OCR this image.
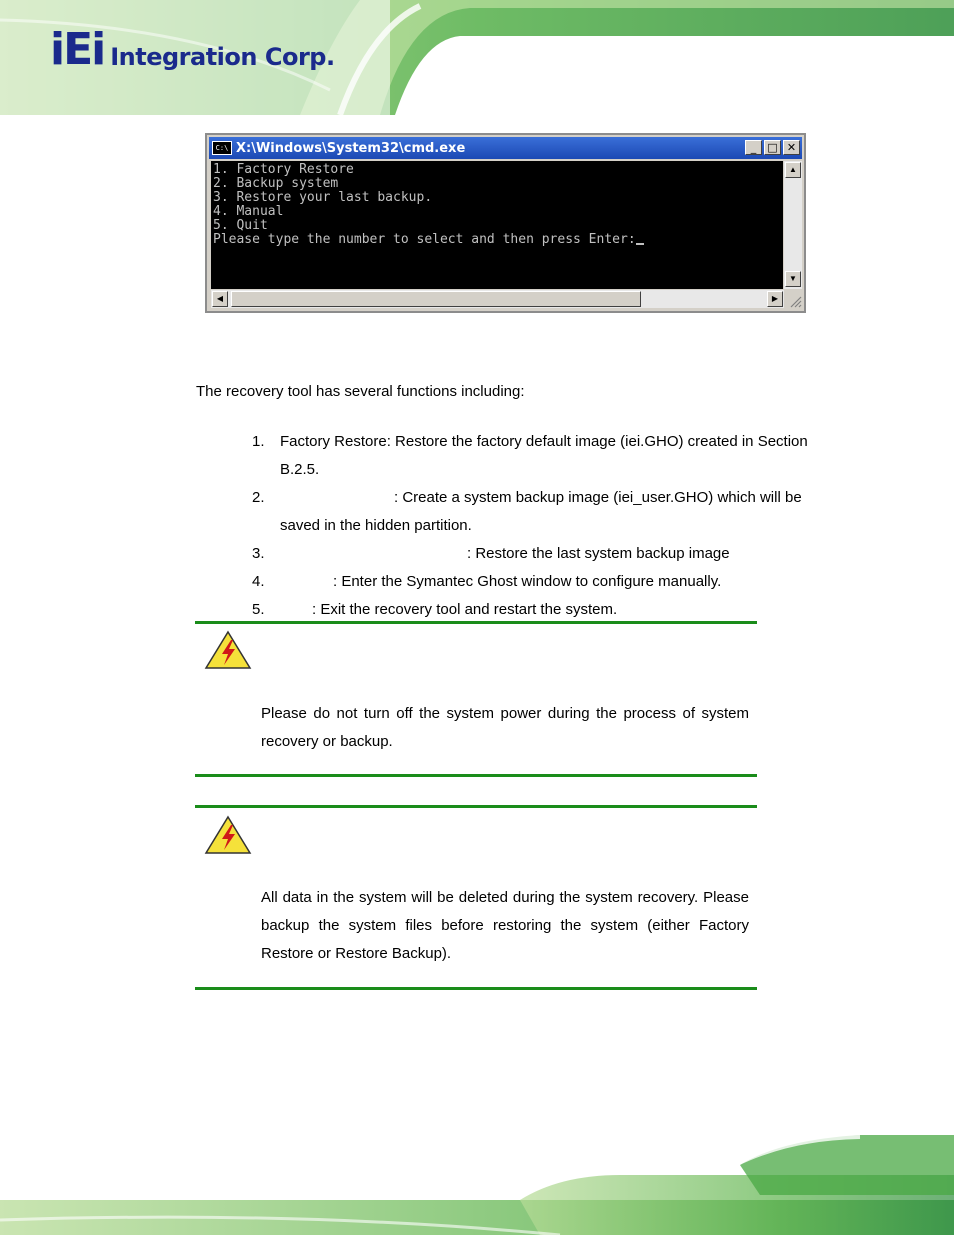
iEi Integration Corp.
C:\ X:\Windows\System32\cmd.exe	_	□ ✕
1. Factory Restore
2. Backup system
3. Restore your last backup.
4. Manual
5. Quit
Please type the number to select and then press Enter:
▲
▼
◀	▶
The recovery tool has several functions including:
1. Factory Restore: Restore the factory default image (iei.GHO) created in Section B.2.5.
2.	: Create a system backup image (iei_user.GHO) which will be saved in the hidden partition.
3.	: Restore the last system backup image
4.	: Enter the Symantec Ghost window to configure manually.
5.	: Exit the recovery tool and restart the system.
Please do not turn off the system power during the process of system recovery or backup.
All data in the system will be deleted during the system recovery. Please backup the system files before restoring the system (either Factory Restore or Restore Backup).
